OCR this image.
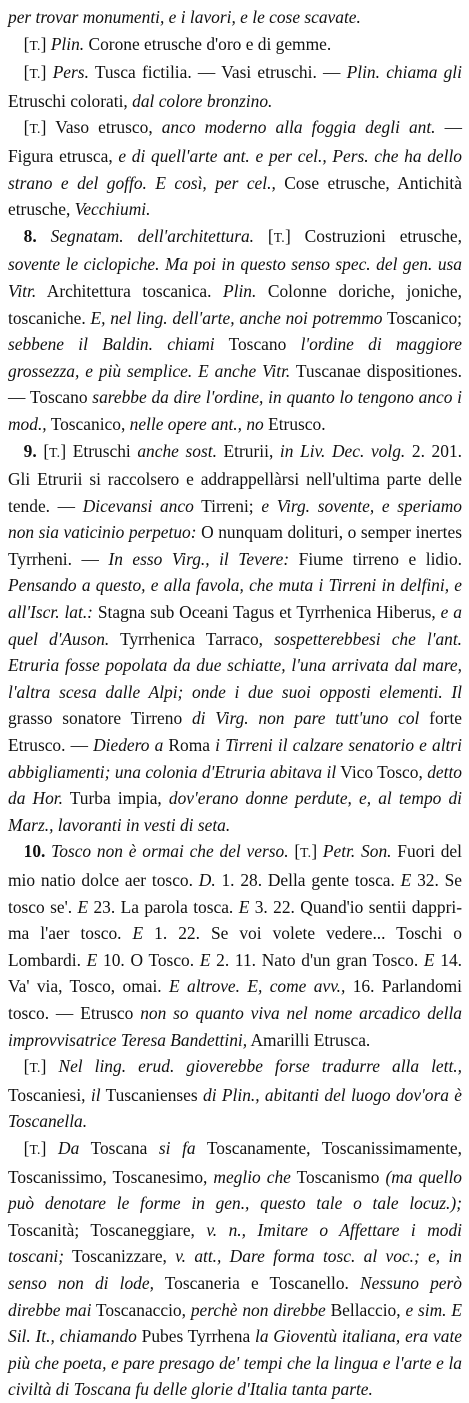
per trovar monumenti, e i lavori, e le cose scavate.

[T.] Plin. Corone etrusche d'oro e di gemme.

[T.] Pers. Tusca fictilia. — Vasi etruschi. — Plin. chiama gli Etruschi colorati, dal colore bronzino.

[T.] Vaso etrusco, anco moderno alla foggia degli ant. — Figura etrusca, e di quell'arte ant. e per cel., Pers. che ha dello strano e del goffo. E così, per cel., Cose etrusche, Antichità etrusche, Vecchiumi.

8. Segnatam. dell'architettura. [T.] Costruzioni etrusche, sovente le ciclopiche. Ma poi in questo senso spec. del gen. usa Vitr. Architettura toscanica. Plin. Colonne doriche, joniche, toscaniche. E, nel ling. dell'arte, anche noi potremmo Toscanico; sebbene il Baldin. chiami Toscano l'ordine di maggiore grossezza, e più semplice. E anche Vitr. Tuscanae dispositiones. — Toscano sarebbe da dire l'ordine, in quanto lo tengono anco i mod., Toscanico, nelle opere ant., no Etrusco.

9. [T.] Etruschi anche sost. Etrurii, in Liv. Dec. volg. 2. 201. Gli Etrurii si raccolsero e addrappellàrsi nell'ultima parte delle tende. — Dicevansi anco Tirreni; e Virg. sovente, e speriamo non sia vaticinio perpetuo: O nunquam dolituri, o semper inertes Tyrrheni. — In esso Virg., il Tevere: Fiume tirreno e lidio. Pensando a questo, e alla favola, che muta i Tirreni in delfini, e all'Iscr. lat.: Stagna sub Oceani Tagus et Tyrrhenica Hiberus, e a quel d'Auson. Tyrrhenica Tarraco, sospetterebbesi che l'ant. Etruria fosse popolata da due schiatte, l'una arrivata dal mare, l'altra scesa dalle Alpi; onde i due suoi opposti elementi. Il grasso sonatore Tirreno di Virg. non pare tutt'uno col forte Etrusco. — Diedero a Roma i Tirreni il calzare senatorio e altri abbigliamenti; una colonia d'Etruria abitava il Vico Tosco, detto da Hor. Turba impia, dov'erano donne perdute, e, al tempo di Marz., lavoranti in vesti di seta.

10. Tosco non è ormai che del verso. [T.] Petr. Son. Fuori del mio natio dolce aer tosco. D. 1. 28. Della gente tosca. E 32. Se tosco se'. E 23. La parola tosca. E 3. 22. Quand'io sentii dapprima l'aer tosco. E 1. 22. Se voi volete vedere... Toschi o Lombardi. E 10. O Tosco. E 2. 11. Nato d'un gran Tosco. E 14. Va' via, Tosco, omai. E altrove. E, come avv., 16. Parlandomi tosco. — Etrusco non so quanto viva nel nome arcadico della improvvisatrice Teresa Bandettini, Amarilli Etrusca.

[T.] Nel ling. erud. gioverebbe forse tradurre alla lett., Toscaniesi, il Tuscanienses di Plin., abitanti del luogo dov'ora è Toscanella.

[T.] Da Toscana si fa Toscanamente, Toscanissimamente, Toscanissimo, Toscanesimo, meglio che Toscanismo (ma quello può denotare le forme in gen., questo tale o tale locuz.); Toscanità; Toscaneggiare, v. n., Imitare o Affettare i modi toscani; Toscanizzare, v. att., Dare forma tosc. al voc.; e, in senso non di lode, Toscaneria e Toscanello. Nessuno però direbbe mai Toscanaccio, perchè non direbbe Bellaccio, e sim. E Sil. It., chiamando Pubes Tyrrhena la Gioventù italiana, era vate più che poeta, e pare presago de' tempi che la lingua e l'arte e la civiltà di Toscana fu delle glorie d'Italia tanta parte.
